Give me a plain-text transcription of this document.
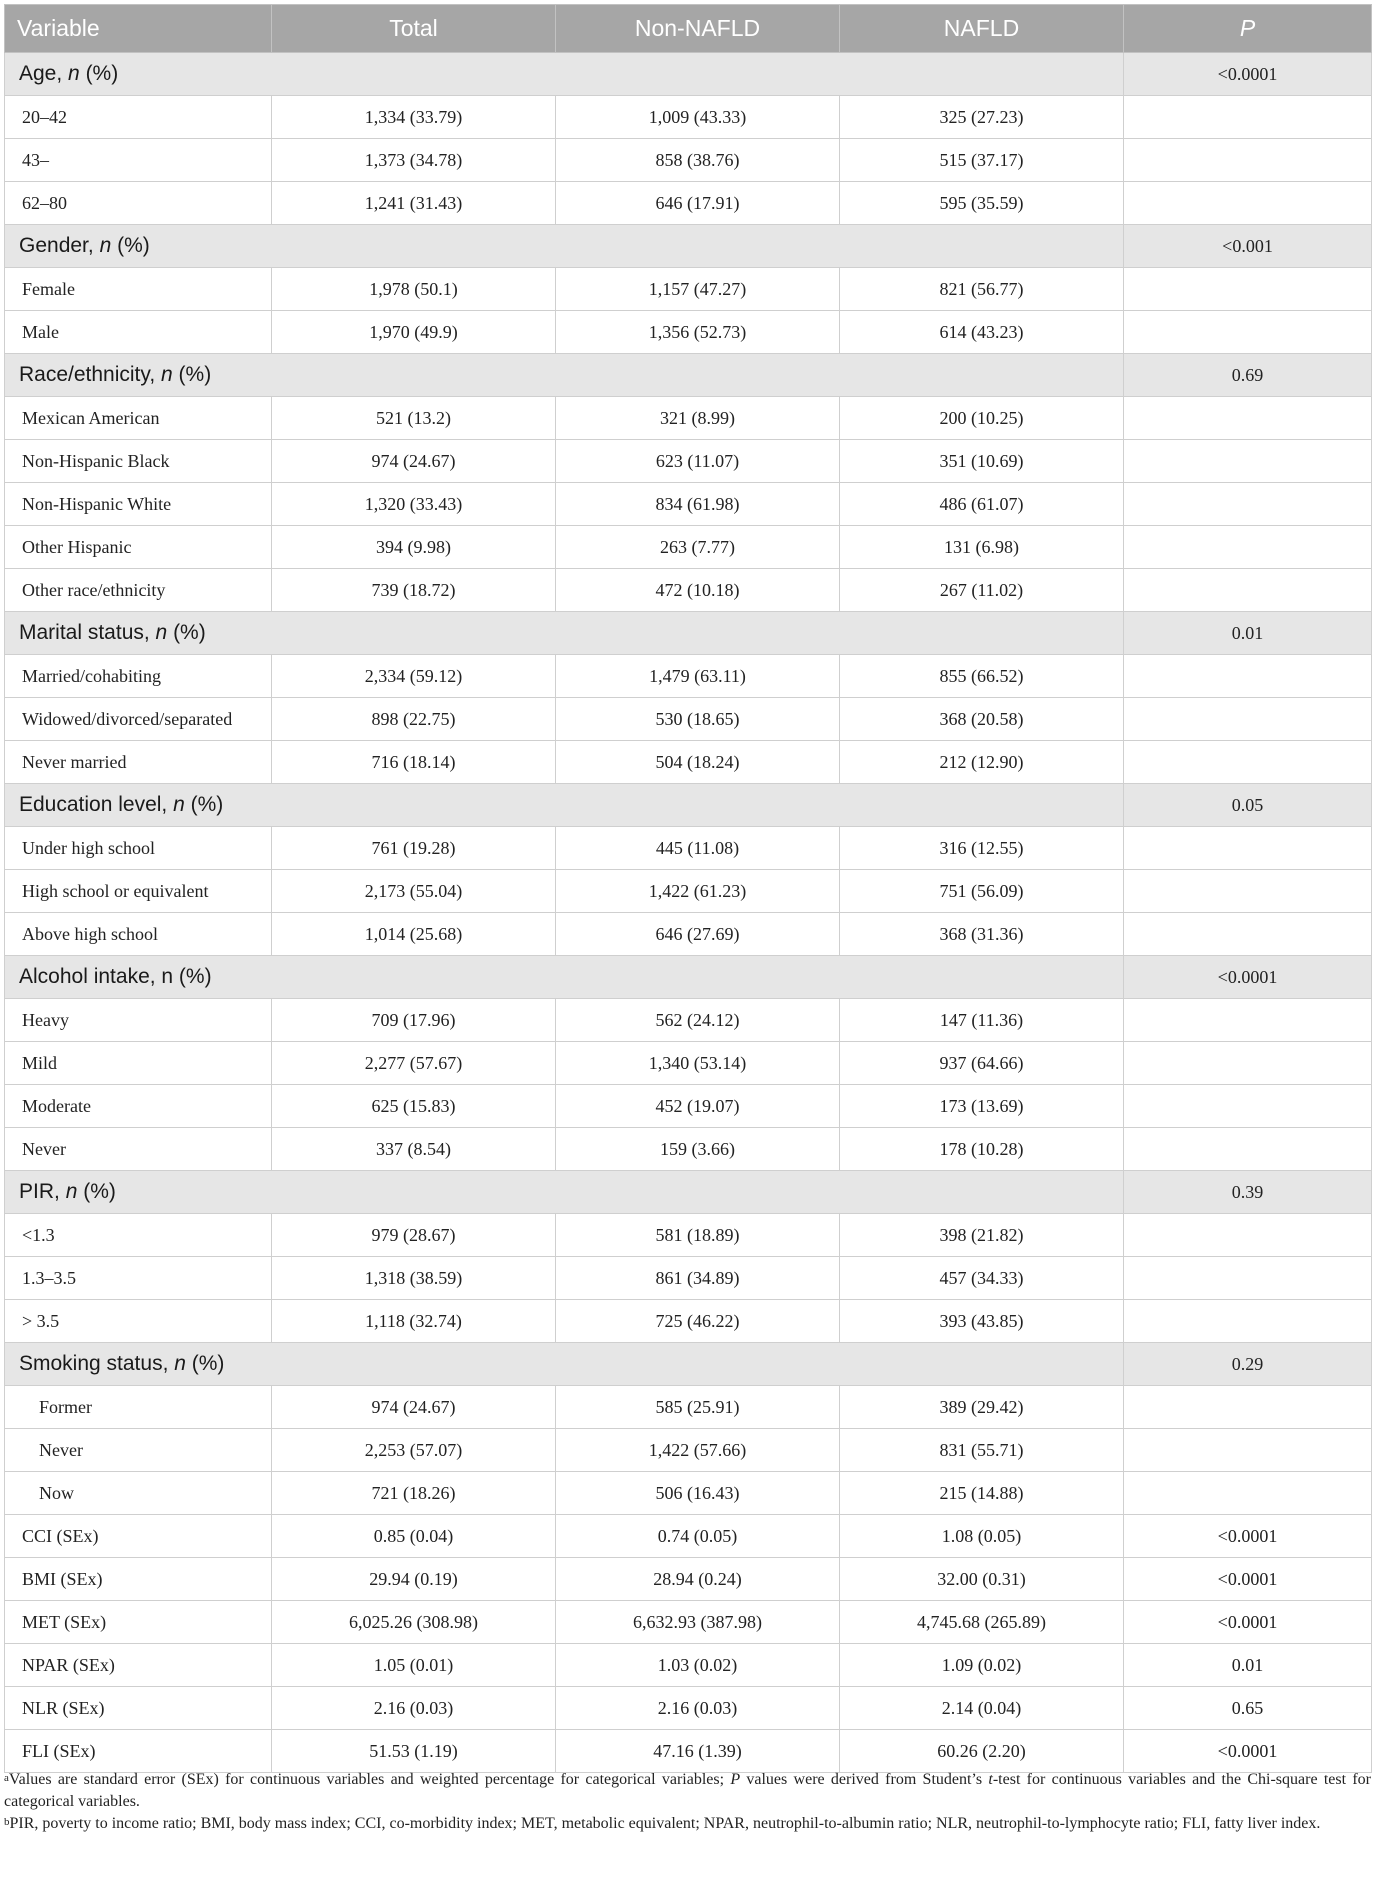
Variable	Total	Non-NAFLD	NAFLD	P
Age, n (%)				<0.0001
20–42	1,334 (33.79)	1,009 (43.33)	325 (27.23)	
43–	1,373 (34.78)	858 (38.76)	515 (37.17)	
62–80	1,241 (31.43)	646 (17.91)	595 (35.59)	
Gender, n (%)				<0.001
Female	1,978 (50.1)	1,157 (47.27)	821 (56.77)	
Male	1,970 (49.9)	1,356 (52.73)	614 (43.23)	
Race/ethnicity, n (%)				0.69
Mexican American	521 (13.2)	321 (8.99)	200 (10.25)	
Non-Hispanic Black	974 (24.67)	623 (11.07)	351 (10.69)	
Non-Hispanic White	1,320 (33.43)	834 (61.98)	486 (61.07)	
Other Hispanic	394 (9.98)	263 (7.77)	131 (6.98)	
Other race/ethnicity	739 (18.72)	472 (10.18)	267 (11.02)	
Marital status, n (%)				0.01
Married/cohabiting	2,334 (59.12)	1,479 (63.11)	855 (66.52)	
Widowed/divorced/separated	898 (22.75)	530 (18.65)	368 (20.58)	
Never married	716 (18.14)	504 (18.24)	212 (12.90)	
Education level, n (%)				0.05
Under high school	761 (19.28)	445 (11.08)	316 (12.55)	
High school or equivalent	2,173 (55.04)	1,422 (61.23)	751 (56.09)	
Above high school	1,014 (25.68)	646 (27.69)	368 (31.36)	
Alcohol intake, n (%)				<0.0001
Heavy	709 (17.96)	562 (24.12)	147 (11.36)	
Mild	2,277 (57.67)	1,340 (53.14)	937 (64.66)	
Moderate	625 (15.83)	452 (19.07)	173 (13.69)	
Never	337 (8.54)	159 (3.66)	178 (10.28)	
PIR, n (%)				0.39
<1.3	979 (28.67)	581 (18.89)	398 (21.82)	
1.3–3.5	1,318 (38.59)	861 (34.89)	457 (34.33)	
> 3.5	1,118 (32.74)	725 (46.22)	393 (43.85)	
Smoking status, n (%)				0.29
Former	974 (24.67)	585 (25.91)	389 (29.42)	
Never	2,253 (57.07)	1,422 (57.66)	831 (55.71)	
Now	721 (18.26)	506 (16.43)	215 (14.88)	
CCI (SEx)	0.85 (0.04)	0.74 (0.05)	1.08 (0.05)	<0.0001
BMI (SEx)	29.94 (0.19)	28.94 (0.24)	32.00 (0.31)	<0.0001
MET (SEx)	6,025.26 (308.98)	6,632.93 (387.98)	4,745.68 (265.89)	<0.0001
NPAR (SEx)	1.05 (0.01)	1.03 (0.02)	1.09 (0.02)	0.01
NLR (SEx)	2.16 (0.03)	2.16 (0.03)	2.14 (0.04)	0.65
FLI (SEx)	51.53 (1.19)	47.16 (1.39)	60.26 (2.20)	<0.0001

$^a$Values are standard error (SEx) for continuous variables and weighted percentage for categorical variables; P values were derived from Student’s t-test for continuous variables and the Chi-square test for categorical variables.

$^b$PIR, poverty to income ratio; BMI, body mass index; CCI, co-morbidity index; MET, metabolic equivalent; NPAR, neutrophil-to-albumin ratio; NLR, neutrophil-to-lymphocyte ratio; FLI, fatty liver index.
